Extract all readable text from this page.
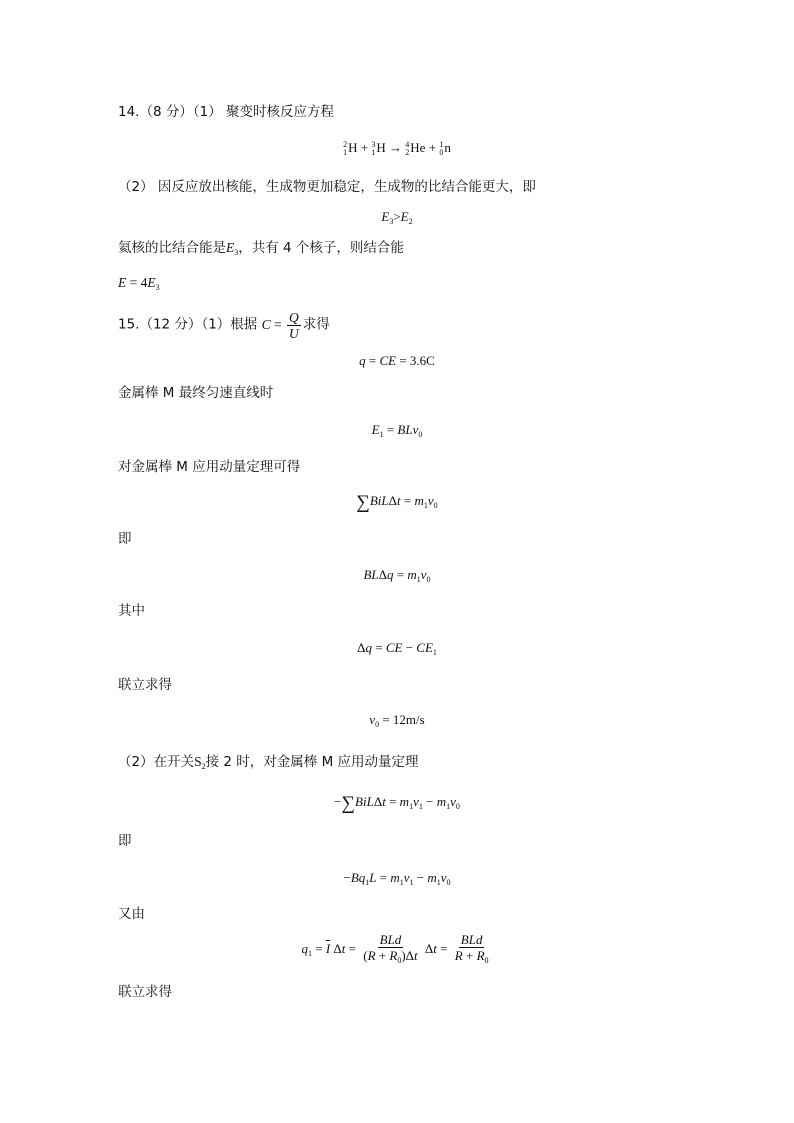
14.（8 分）（1） 聚变时核反应方程
2
1 H + 3
1 H → 4
2 He + 1
0 n
（2） 因反应放出核能，生成物更加稳定，生成物的比结合能更大，即
$E_3>E_2$
氦核的比结合能是$E_3$，共有 4 个核子，则结合能
$E = 4E_3$
15.（12 分）（1）根据 $C = \frac{Q}{U}$ 求得
q = CE = 3.6C
金属棒 M 最终匀速直线时
$E_1 = BLv_0$
对金属棒 M 应用动量定理可得
$\sum BiL\Delta t = m_1v_0$
即
$BL\Delta q = m_1v_0$
其中
Δq = CE − $CE_1$
联立求得
$v_0 = 12m/s$
（2）在开关$S_2$接 2 时，对金属棒 M 应用动量定理
$-\sum BiL\Delta t = m_1v_1 - m_1v_0$
即
$-Bq_1L = m_1v_1 - m_1v_0$
又由
$q_1 = \overline{I}$ $\Delta t = \frac{\text{BLd}}{(R + R_0)\Delta t}$ $\Delta t = \frac{\text{BLd}}{R + R_0}$
联立求得
